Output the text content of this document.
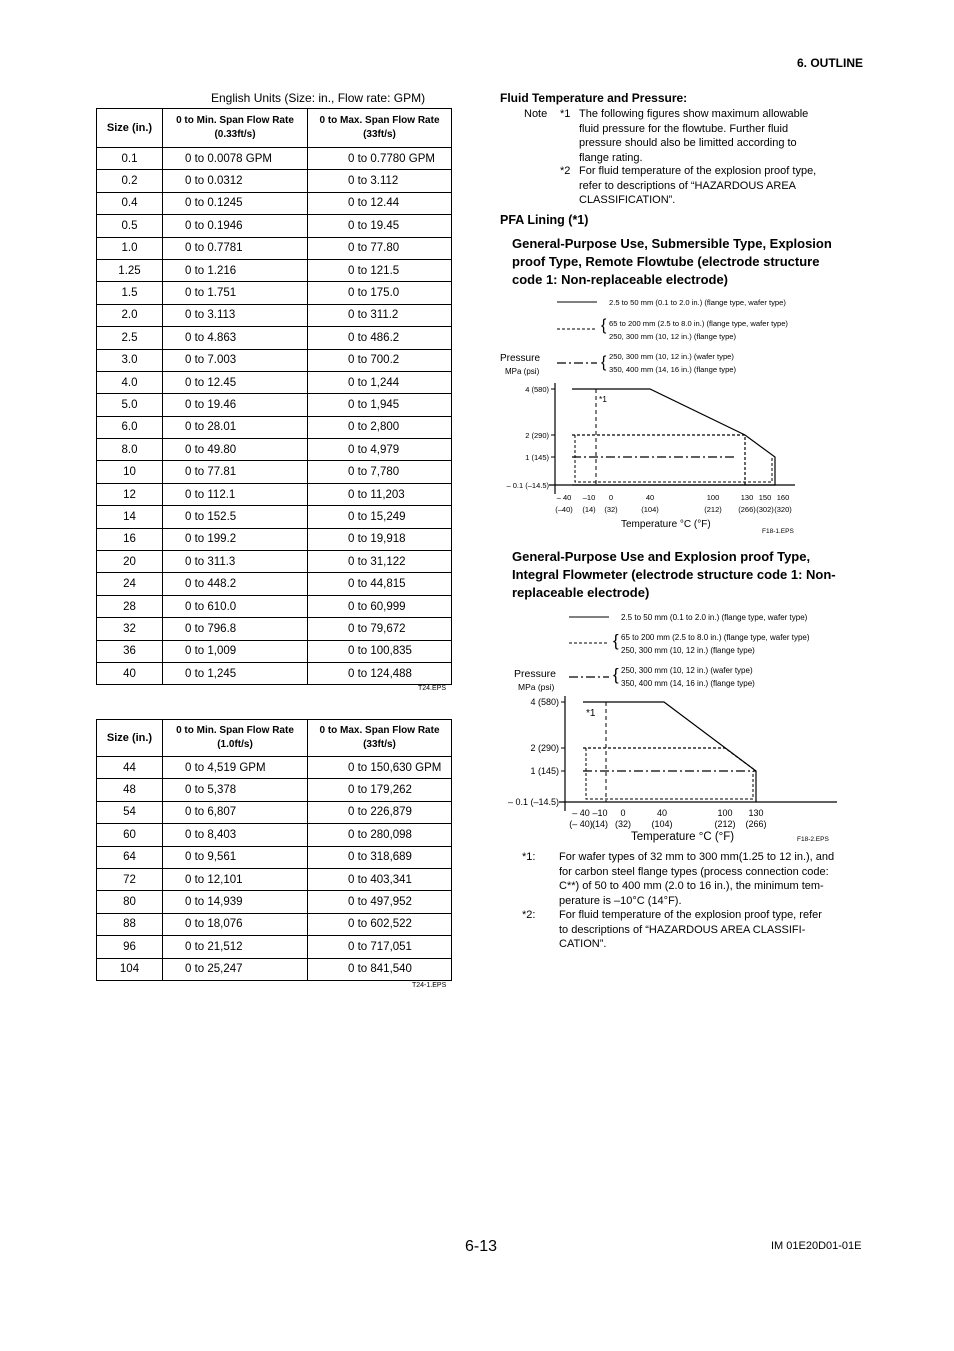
6. OUTLINE
English Units (Size: in., Flow rate: GPM)
Size (in.)	0 to Min. Span Flow Rate (0.33ft/s)	0 to Max. Span Flow Rate (33ft/s)
0.1	0 to 0.0078 GPM	0 to 0.7780 GPM
0.2	0 to 0.0312	0 to 3.112
0.4	0 to 0.1245	0 to 12.44
0.5	0 to 0.1946	0 to 19.45
1.0	0 to 0.7781	0 to 77.80
1.25	0 to 1.216	0 to 121.5
1.5	0 to 1.751	0 to 175.0
2.0	0 to 3.113	0 to 311.2
2.5	0 to 4.863	0 to 486.2
3.0	0 to 7.003	0 to 700.2
4.0	0 to 12.45	0 to 1,244
5.0	0 to 19.46	0 to 1,945
6.0	0 to 28.01	0 to 2,800
8.0	0 to 49.80	0 to 4,979
10	0 to 77.81	0 to 7,780
12	0 to 112.1	0 to 11,203
14	0 to 152.5	0 to 15,249
16	0 to 199.2	0 to 19,918
20	0 to 311.3	0 to 31,122
24	0 to 448.2	0 to 44,815
28	0 to 610.0	0 to 60,999
32	0 to 796.8	0 to 79,672
36	0 to 1,009	0 to 100,835
40	0 to 1,245	0 to 124,488
T24.EPS
Size (in.)	0 to Min. Span Flow Rate (1.0ft/s)	0 to Max. Span Flow Rate (33ft/s)
44	0 to 4,519 GPM	0 to 150,630 GPM
48	0 to 5,378	0 to 179,262
54	0 to 6,807	0 to 226,879
60	0 to 8,403	0 to 280,098
64	0 to 9,561	0 to 318,689
72	0 to 12,101	0 to 403,341
80	0 to 14,939	0 to 497,952
88	0 to 18,076	0 to 602,522
96	0 to 21,512	0 to 717,051
104	0 to 25,247	0 to 841,540
T24-1.EPS
Fluid Temperature and Pressure:
Note *1 The following figures show maximum allowable
fluid pressure for the flowtube. Further fluid
pressure should also be limitted according to
flange rating.
*2 For fluid temperature of the explosion proof type,
refer to descriptions of “HAZARDOUS AREA
CLASSIFICATION”.
PFA Lining (*1)
General-Purpose Use, Submersible Type, Explosion
proof Type, Remote Flowtube (electrode structure
code 1: Non-replaceable electrode)
2.5 to 50 mm (0.1 to 2.0 in.) (flange type, wafer type)
{ 65 to 200 mm (2.5 to 8.0 in.) (flange type, wafer type)
250, 300 mm (10, 12 in.) (flange type)
{ 250, 300 mm (10, 12 in.) (wafer type)
350, 400 mm (14, 16 in.) (flange type)
Pressure
MPa (psi)
4 (580)
2 (290)
1 (145)
– 0.1 (–14.5)
– 40
(–40)
–10
(14)
0
(32)
40
(104)
100
(212)
130
(266)
150
(302)
160
(320)
*1
Temperature °C (°F)
F18-1.EPS
General-Purpose Use and Explosion proof Type,
Integral Flowmeter (electrode structure code 1: Non-
replaceable electrode)
2.5 to 50 mm (0.1 to 2.0 in.) (flange type, wafer type)
{ 65 to 200 mm (2.5 to 8.0 in.) (flange type, wafer type)
250, 300 mm (10, 12 in.) (flange type)
{ 250, 300 mm (10, 12 in.) (wafer type)
350, 400 mm (14, 16 in.) (flange type)
Pressure
MPa (psi)
4 (580)
2 (290)
1 (145)
– 0.1 (–14.5)
– 40
(– 40)
–10
(14)
0
(32)
40
(104)
100
(212)
130
(266)
*1
Temperature °C (°F)	F18-2.EPS
*1: For wafer types of 32 mm to 300 mm(1.25 to 12 in.), and
for carbon steel flange types (process connection code:
C**) of 50 to 400 mm (2.0 to 16 in.), the minimum tem-
perature is –10°C (14°F).
*2: For fluid temperature of the explosion proof type, refer
to descriptions of “HAZARDOUS AREA CLASSIFI-
CATION”.
6-13	IM 01E20D01-01E
